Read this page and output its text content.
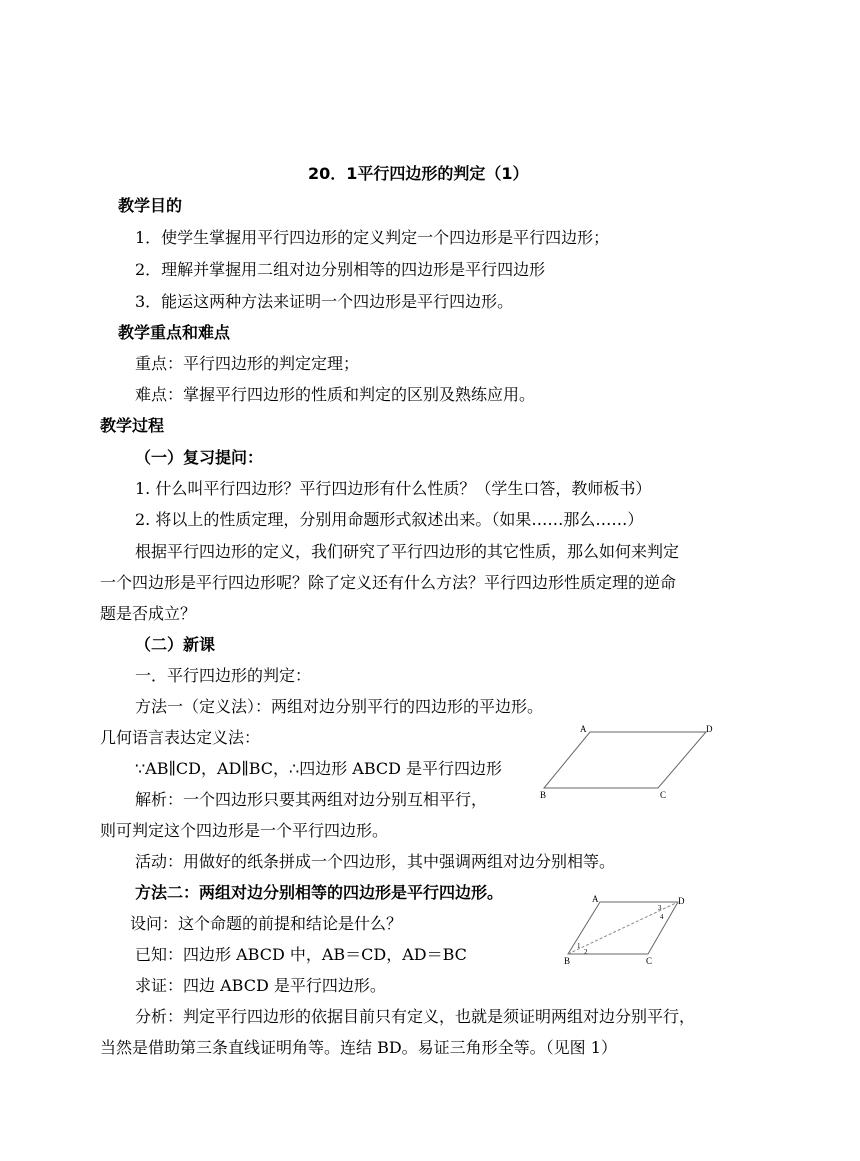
20．1平行四边形的判定（1）
教学目的
1．使学生掌握用平行四边形的定义判定一个四边形是平行四边形；
2．理解并掌握用二组对边分别相等的四边形是平行四边形
3．能运这两种方法来证明一个四边形是平行四边形。
教学重点和难点
重点：平行四边形的判定定理；
难点：掌握平行四边形的性质和判定的区别及熟练应用。
教学过程
（一）复习提问：
1. 什么叫平行四边形？平行四边形有什么性质？（学生口答，教师板书）
2. 将以上的性质定理，分别用命题形式叙述出来。（如果……那么……）
根据平行四边形的定义，我们研究了平行四边形的其它性质，那么如何来判定
一个四边形是平行四边形呢？除了定义还有什么方法？平行四边形性质定理的逆命
题是否成立？
（二）新课
一．平行四边形的判定：
方法一（定义法）：两组对边分别平行的四边形的平边形。
几何语言表达定义法：
∵AB∥CD，AD∥BC，∴四边形 ABCD 是平行四边形
解析：一个四边形只要其两组对边分别互相平行，
则可判定这个四边形是一个平行四边形。
活动：用做好的纸条拼成一个四边形，其中强调两组对边分别相等。
方法二：两组对边分别相等的四边形是平行四边形。
设问：这个命题的前提和结论是什么？
已知：四边形 ABCD 中，AB＝CD，AD＝BC
求证：四边 ABCD 是平行四边形。
分析：判定平行四边形的依据目前只有定义，也就是须证明两组对边分别平行，
当然是借助第三条直线证明角等。连结 BD。易证三角形全等。（见图 1）
A	D
B	C
A	D
B	C
1
2
3
4
